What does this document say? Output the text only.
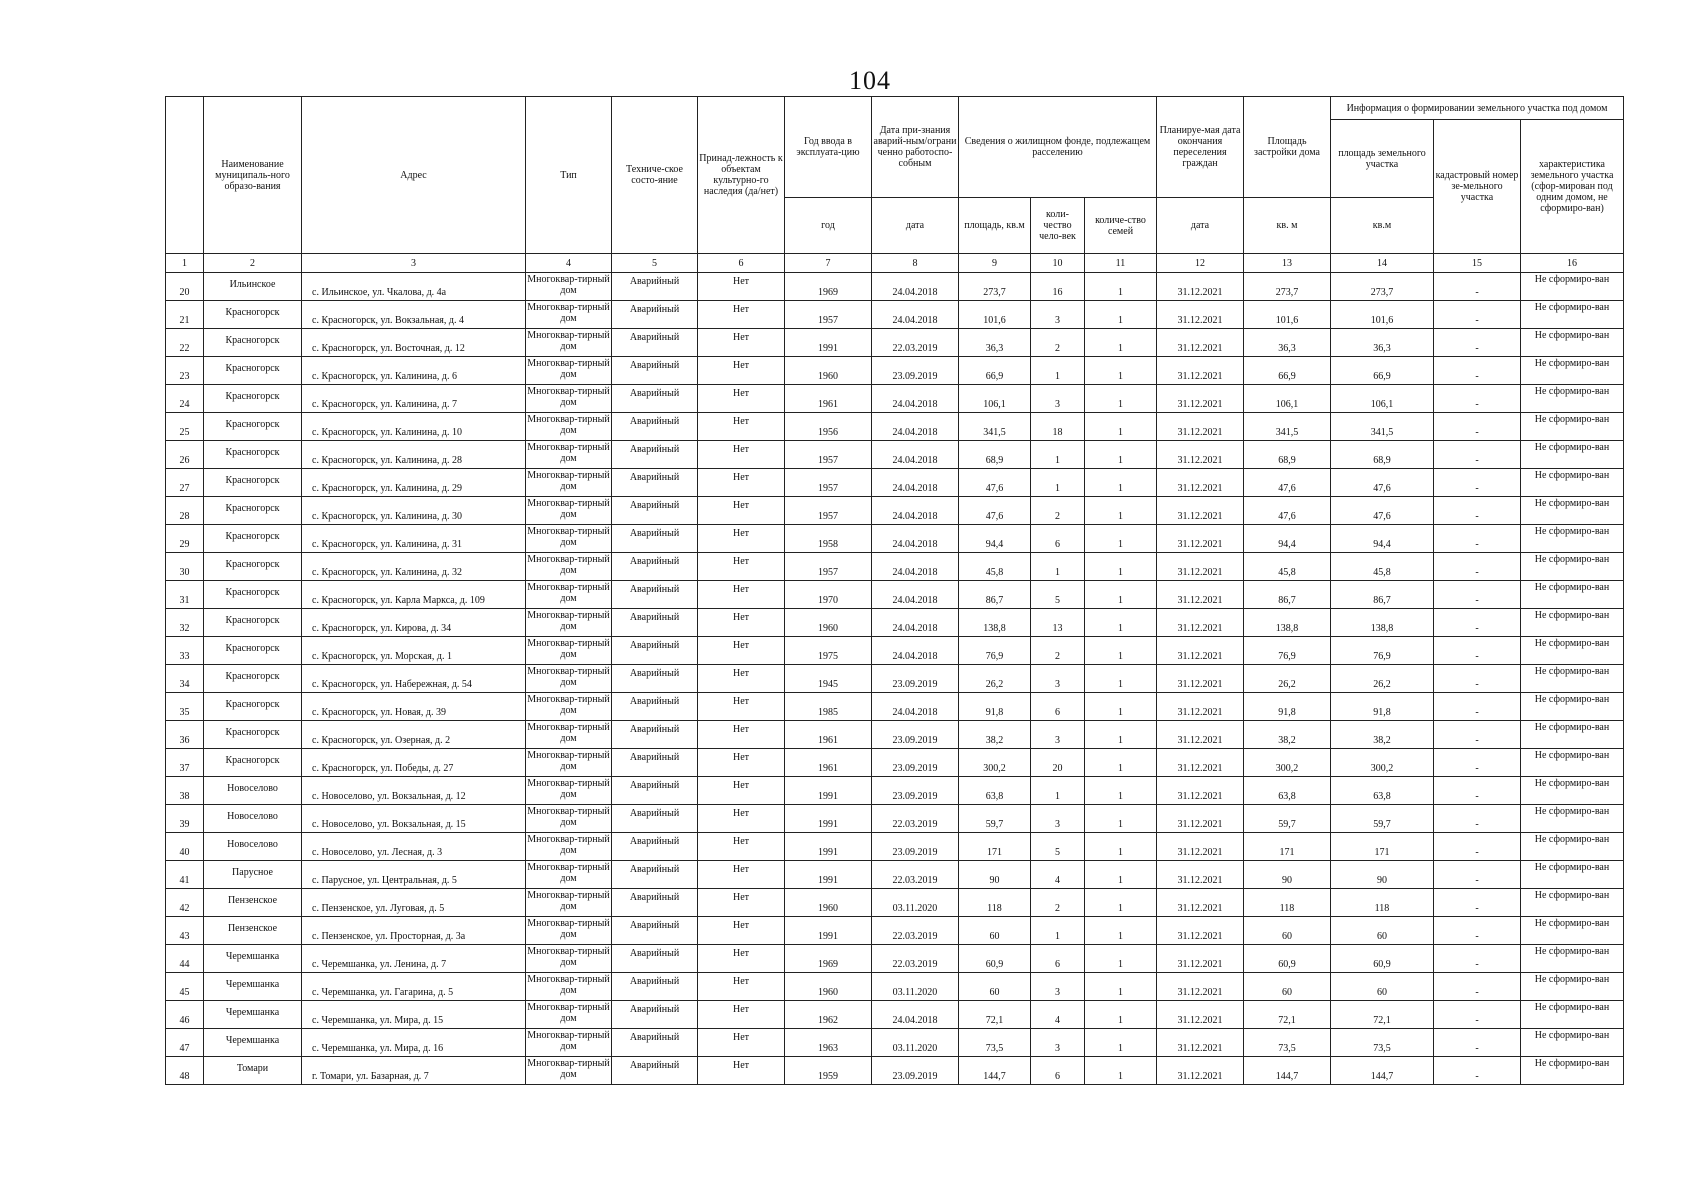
104
	Наименование муниципаль-ного образо-вания	Адрес	Тип	Техниче-ское состо-яние	Принад-лежность к объектам культурно-го наследия (да/нет)	Год ввода в эксплуата-цию	Дата при-знания аварий-ным/ограни ченно работоспо-собным	Сведения о жилищном фонде, подлежащем расселению			Планируе-мая дата окончания переселения граждан	Площадь застройки дома	Информация о формировании земельного участка под домом		
													площадь земельного участка	кадастровый номер зе-мельного участка	характеристика земельного участка (сфор-мирован под одним домом, не сформиро-ван)
						год	дата	площадь, кв.м	коли-чество чело-век	количе-ство семей	дата	кв. м	кв.м		
1	2	3	4	5	6	7	8	9	10	11	12	13	14	15	16
20	Ильинское	с. Ильинское, ул. Чкалова, д. 4а	Многоквар-тирный дом	Аварийный	Нет	1969	24.04.2018	273,7	16	1	31.12.2021	273,7	273,7	-	Не сформиро-ван
21	Красногорск	с. Красногорск, ул. Вокзальная, д. 4	Многоквар-тирный дом	Аварийный	Нет	1957	24.04.2018	101,6	3	1	31.12.2021	101,6	101,6	-	Не сформиро-ван
22	Красногорск	с. Красногорск, ул. Восточная, д. 12	Многоквар-тирный дом	Аварийный	Нет	1991	22.03.2019	36,3	2	1	31.12.2021	36,3	36,3	-	Не сформиро-ван
23	Красногорск	с. Красногорск, ул. Калинина, д. 6	Многоквар-тирный дом	Аварийный	Нет	1960	23.09.2019	66,9	1	1	31.12.2021	66,9	66,9	-	Не сформиро-ван
24	Красногорск	с. Красногорск, ул. Калинина, д. 7	Многоквар-тирный дом	Аварийный	Нет	1961	24.04.2018	106,1	3	1	31.12.2021	106,1	106,1	-	Не сформиро-ван
25	Красногорск	с. Красногорск, ул. Калинина, д. 10	Многоквар-тирный дом	Аварийный	Нет	1956	24.04.2018	341,5	18	1	31.12.2021	341,5	341,5	-	Не сформиро-ван
26	Красногорск	с. Красногорск, ул. Калинина, д. 28	Многоквар-тирный дом	Аварийный	Нет	1957	24.04.2018	68,9	1	1	31.12.2021	68,9	68,9	-	Не сформиро-ван
27	Красногорск	с. Красногорск, ул. Калинина, д. 29	Многоквар-тирный дом	Аварийный	Нет	1957	24.04.2018	47,6	1	1	31.12.2021	47,6	47,6	-	Не сформиро-ван
28	Красногорск	с. Красногорск, ул. Калинина, д. 30	Многоквар-тирный дом	Аварийный	Нет	1957	24.04.2018	47,6	2	1	31.12.2021	47,6	47,6	-	Не сформиро-ван
29	Красногорск	с. Красногорск, ул. Калинина, д. 31	Многоквар-тирный дом	Аварийный	Нет	1958	24.04.2018	94,4	6	1	31.12.2021	94,4	94,4	-	Не сформиро-ван
30	Красногорск	с. Красногорск, ул. Калинина, д. 32	Многоквар-тирный дом	Аварийный	Нет	1957	24.04.2018	45,8	1	1	31.12.2021	45,8	45,8	-	Не сформиро-ван
31	Красногорск	с. Красногорск, ул. Карла Маркса, д. 109	Многоквар-тирный дом	Аварийный	Нет	1970	24.04.2018	86,7	5	1	31.12.2021	86,7	86,7	-	Не сформиро-ван
32	Красногорск	с. Красногорск, ул. Кирова, д. 34	Многоквар-тирный дом	Аварийный	Нет	1960	24.04.2018	138,8	13	1	31.12.2021	138,8	138,8	-	Не сформиро-ван
33	Красногорск	с. Красногорск, ул. Морская, д. 1	Многоквар-тирный дом	Аварийный	Нет	1975	24.04.2018	76,9	2	1	31.12.2021	76,9	76,9	-	Не сформиро-ван
34	Красногорск	с. Красногорск, ул. Набережная, д. 54	Многоквар-тирный дом	Аварийный	Нет	1945	23.09.2019	26,2	3	1	31.12.2021	26,2	26,2	-	Не сформиро-ван
35	Красногорск	с. Красногорск, ул. Новая, д. 39	Многоквар-тирный дом	Аварийный	Нет	1985	24.04.2018	91,8	6	1	31.12.2021	91,8	91,8	-	Не сформиро-ван
36	Красногорск	с. Красногорск, ул. Озерная, д. 2	Многоквар-тирный дом	Аварийный	Нет	1961	23.09.2019	38,2	3	1	31.12.2021	38,2	38,2	-	Не сформиро-ван
37	Красногорск	с. Красногорск, ул. Победы, д. 27	Многоквар-тирный дом	Аварийный	Нет	1961	23.09.2019	300,2	20	1	31.12.2021	300,2	300,2	-	Не сформиро-ван
38	Новоселово	с. Новоселово, ул. Вокзальная, д. 12	Многоквар-тирный дом	Аварийный	Нет	1991	23.09.2019	63,8	1	1	31.12.2021	63,8	63,8	-	Не сформиро-ван
39	Новоселово	с. Новоселово, ул. Вокзальная, д. 15	Многоквар-тирный дом	Аварийный	Нет	1991	22.03.2019	59,7	3	1	31.12.2021	59,7	59,7	-	Не сформиро-ван
40	Новоселово	с. Новоселово, ул. Лесная, д. 3	Многоквар-тирный дом	Аварийный	Нет	1991	23.09.2019	171	5	1	31.12.2021	171	171	-	Не сформиро-ван
41	Парусное	с. Парусное, ул. Центральная, д. 5	Многоквар-тирный дом	Аварийный	Нет	1991	22.03.2019	90	4	1	31.12.2021	90	90	-	Не сформиро-ван
42	Пензенское	с. Пензенское, ул. Луговая, д. 5	Многоквар-тирный дом	Аварийный	Нет	1960	03.11.2020	118	2	1	31.12.2021	118	118	-	Не сформиро-ван
43	Пензенское	с. Пензенское, ул. Просторная, д. 3а	Многоквар-тирный дом	Аварийный	Нет	1991	22.03.2019	60	1	1	31.12.2021	60	60	-	Не сформиро-ван
44	Черемшанка	с. Черемшанка, ул. Ленина, д. 7	Многоквар-тирный дом	Аварийный	Нет	1969	22.03.2019	60,9	6	1	31.12.2021	60,9	60,9	-	Не сформиро-ван
45	Черемшанка	с. Черемшанка, ул. Гагарина, д. 5	Многоквар-тирный дом	Аварийный	Нет	1960	03.11.2020	60	3	1	31.12.2021	60	60	-	Не сформиро-ван
46	Черемшанка	с. Черемшанка, ул. Мира, д. 15	Многоквар-тирный дом	Аварийный	Нет	1962	24.04.2018	72,1	4	1	31.12.2021	72,1	72,1	-	Не сформиро-ван
47	Черемшанка	с. Черемшанка, ул. Мира, д. 16	Многоквар-тирный дом	Аварийный	Нет	1963	03.11.2020	73,5	3	1	31.12.2021	73,5	73,5	-	Не сформиро-ван
48	Томари	г. Томари, ул. Базарная, д. 7	Многоквар-тирный дом	Аварийный	Нет	1959	23.09.2019	144,7	6	1	31.12.2021	144,7	144,7	-	Не сформиро-ван
